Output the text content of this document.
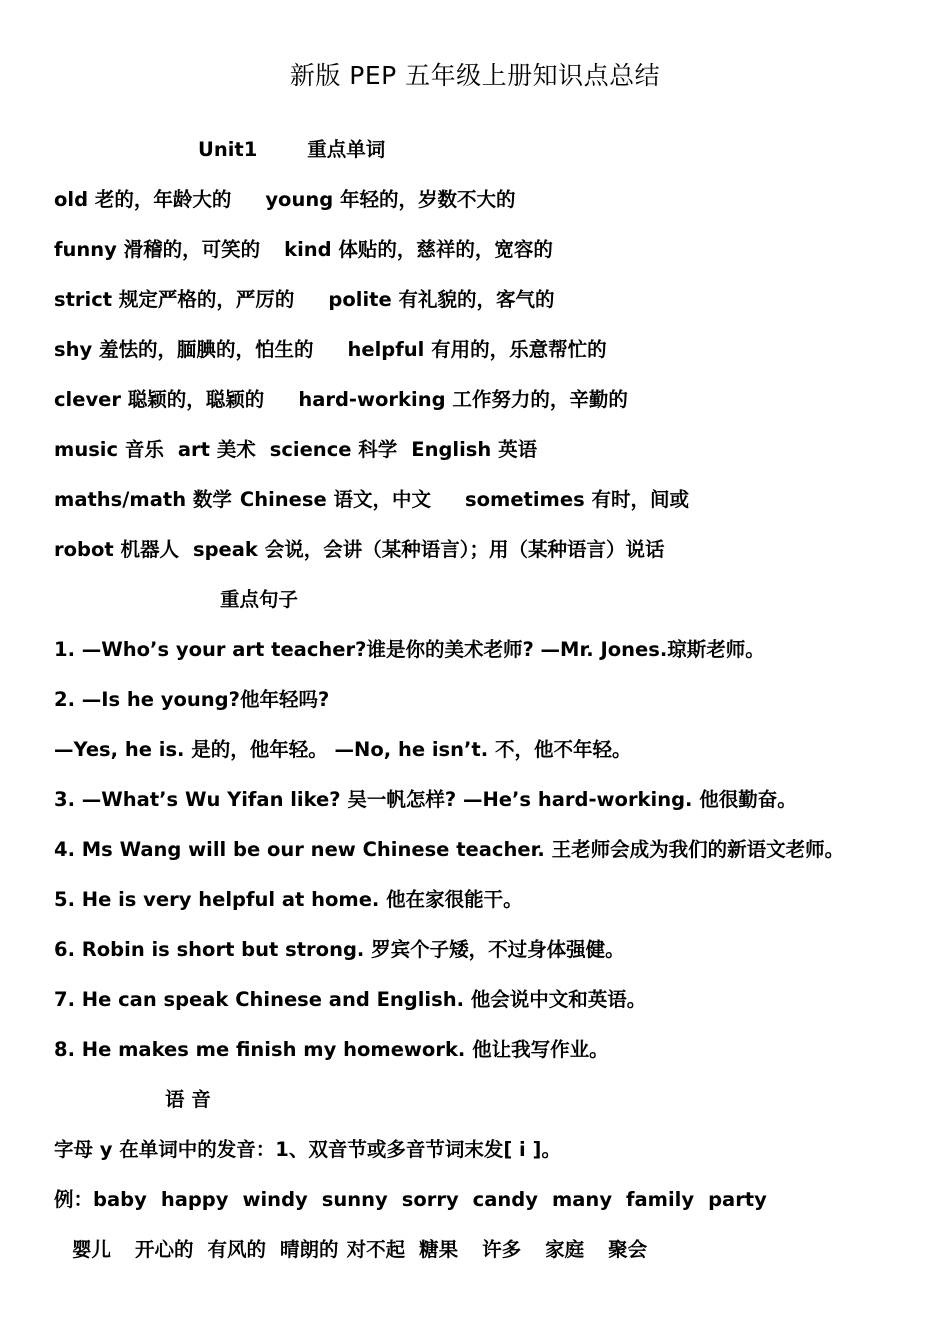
新版 PEP 五年级上册知识点总结
Unit1	重点单词
old 老的，年龄大的 young 年轻的，岁数不大的
funny 滑稽的，可笑的 kind 体贴的，慈祥的，宽容的
strict 规定严格的，严厉的 polite 有礼貌的，客气的
shy 羞怯的，腼腆的，怕生的 helpful 有用的，乐意帮忙的
clever 聪颖的，聪颖的 hard-working 工作努力的，辛勤的
music 音乐 art 美术 science 科学 English 英语
maths/math 数学 Chinese 语文，中文 sometimes 有时，间或
robot 机器人 speak 会说，会讲（某种语言）；用（某种语言）说话
重点句子
1. —Who’s your art teacher?谁是你的美术老师? —Mr. Jones.琼斯老师。
2. —Is he young?他年轻吗?
—Yes, he is. 是的，他年轻。 —No, he isn’t. 不，他不年轻。
3. —What’s Wu Yifan like? 吴一帆怎样? —He’s hard-working. 他很勤奋。
4. Ms Wang will be our new Chinese teacher. 王老师会成为我们的新语文老师。
5. He is very helpful at home. 他在家很能干。
6. Robin is short but strong. 罗宾个子矮，不过身体强健。
7. He can speak Chinese and English. 他会说中文和英语。
8. He makes me finish my homework. 他让我写作业。
语 音
字母 y 在单词中的发音：1、双音节或多音节词末发[ i ]。
例：baby happy windy sunny sorry candy many family party
婴儿 开心的 有风的 晴朗的 对不起 糖果 许多 家庭 聚会
